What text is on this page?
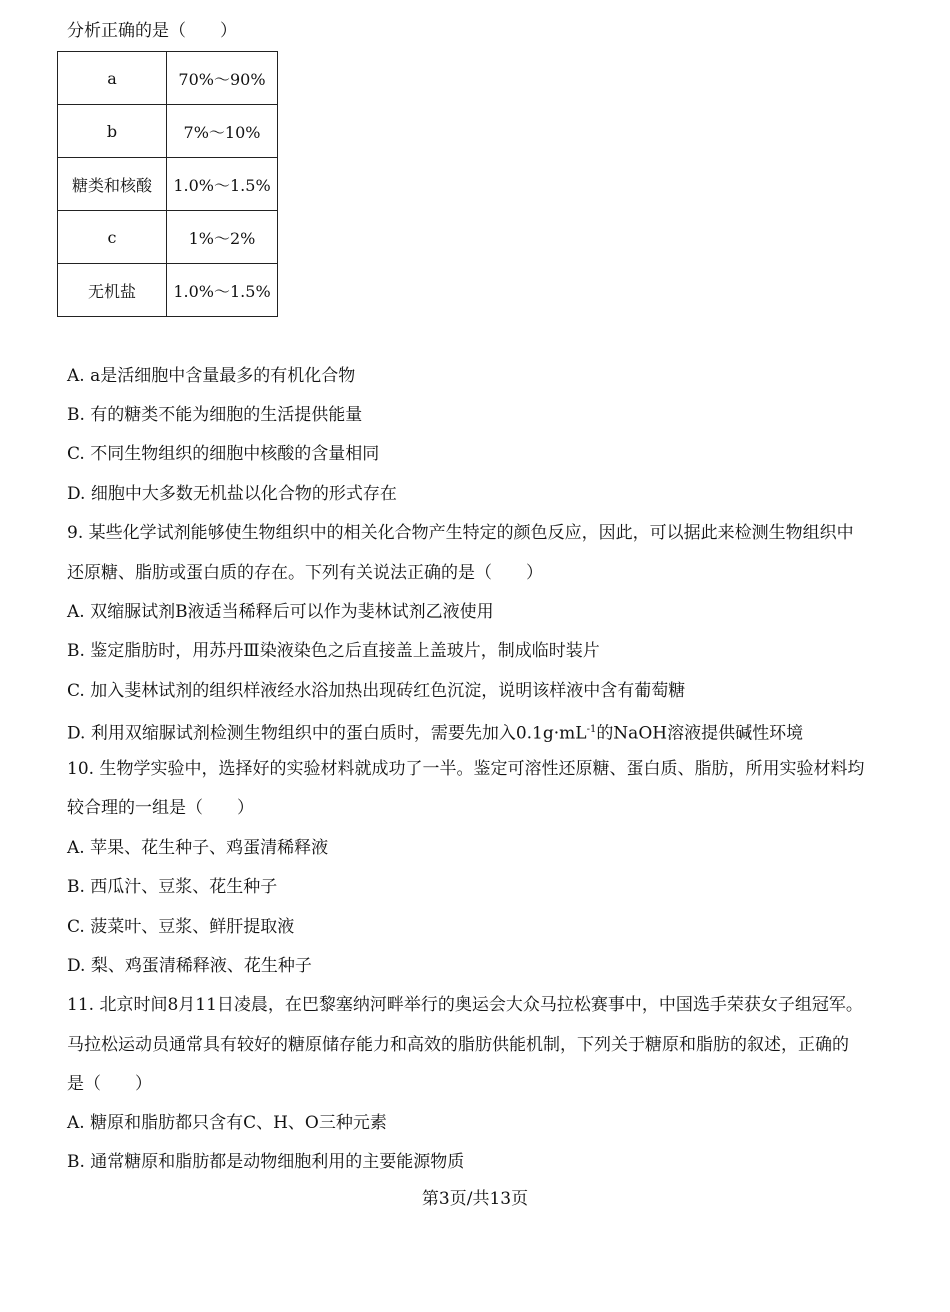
分析正确的是（　　）
a	70%～90%
b	7%～10%
糖类和核酸	1.0%～1.5%
c	1%～2%
无机盐	1.0%～1.5%
A. a是活细胞中含量最多的有机化合物
B. 有的糖类不能为细胞的生活提供能量
C. 不同生物组织的细胞中核酸的含量相同
D. 细胞中大多数无机盐以化合物的形式存在
9. 某些化学试剂能够使生物组织中的相关化合物产生特定的颜色反应，因此，可以据此来检测生物组织中
还原糖、脂肪或蛋白质的存在。下列有关说法正确的是（　　）
A. 双缩脲试剂B液适当稀释后可以作为斐林试剂乙液使用
B. 鉴定脂肪时，用苏丹Ⅲ染液染色之后直接盖上盖玻片，制成临时装片
C. 加入斐林试剂的组织样液经水浴加热出现砖红色沉淀，说明该样液中含有葡萄糖
D. 利用双缩脲试剂检测生物组织中的蛋白质时，需要先加入$0.1g\cdot mL^{-1}$的NaOH溶液提供碱性环境
10. 生物学实验中，选择好的实验材料就成功了一半。鉴定可溶性还原糖、蛋白质、脂肪，所用实验材料均
较合理的一组是（　　）
A. 苹果、花生种子、鸡蛋清稀释液
B. 西瓜汁、豆浆、花生种子
C. 菠菜叶、豆浆、鲜肝提取液
D. 梨、鸡蛋清稀释液、花生种子
11. 北京时间8月11日凌晨，在巴黎塞纳河畔举行的奥运会大众马拉松赛事中，中国选手荣获女子组冠军。
马拉松运动员通常具有较好的糖原储存能力和高效的脂肪供能机制，下列关于糖原和脂肪的叙述，正确的
是（　　）
A. 糖原和脂肪都只含有C、H、O三种元素
B. 通常糖原和脂肪都是动物细胞利用的主要能源物质
第3页/共13页
